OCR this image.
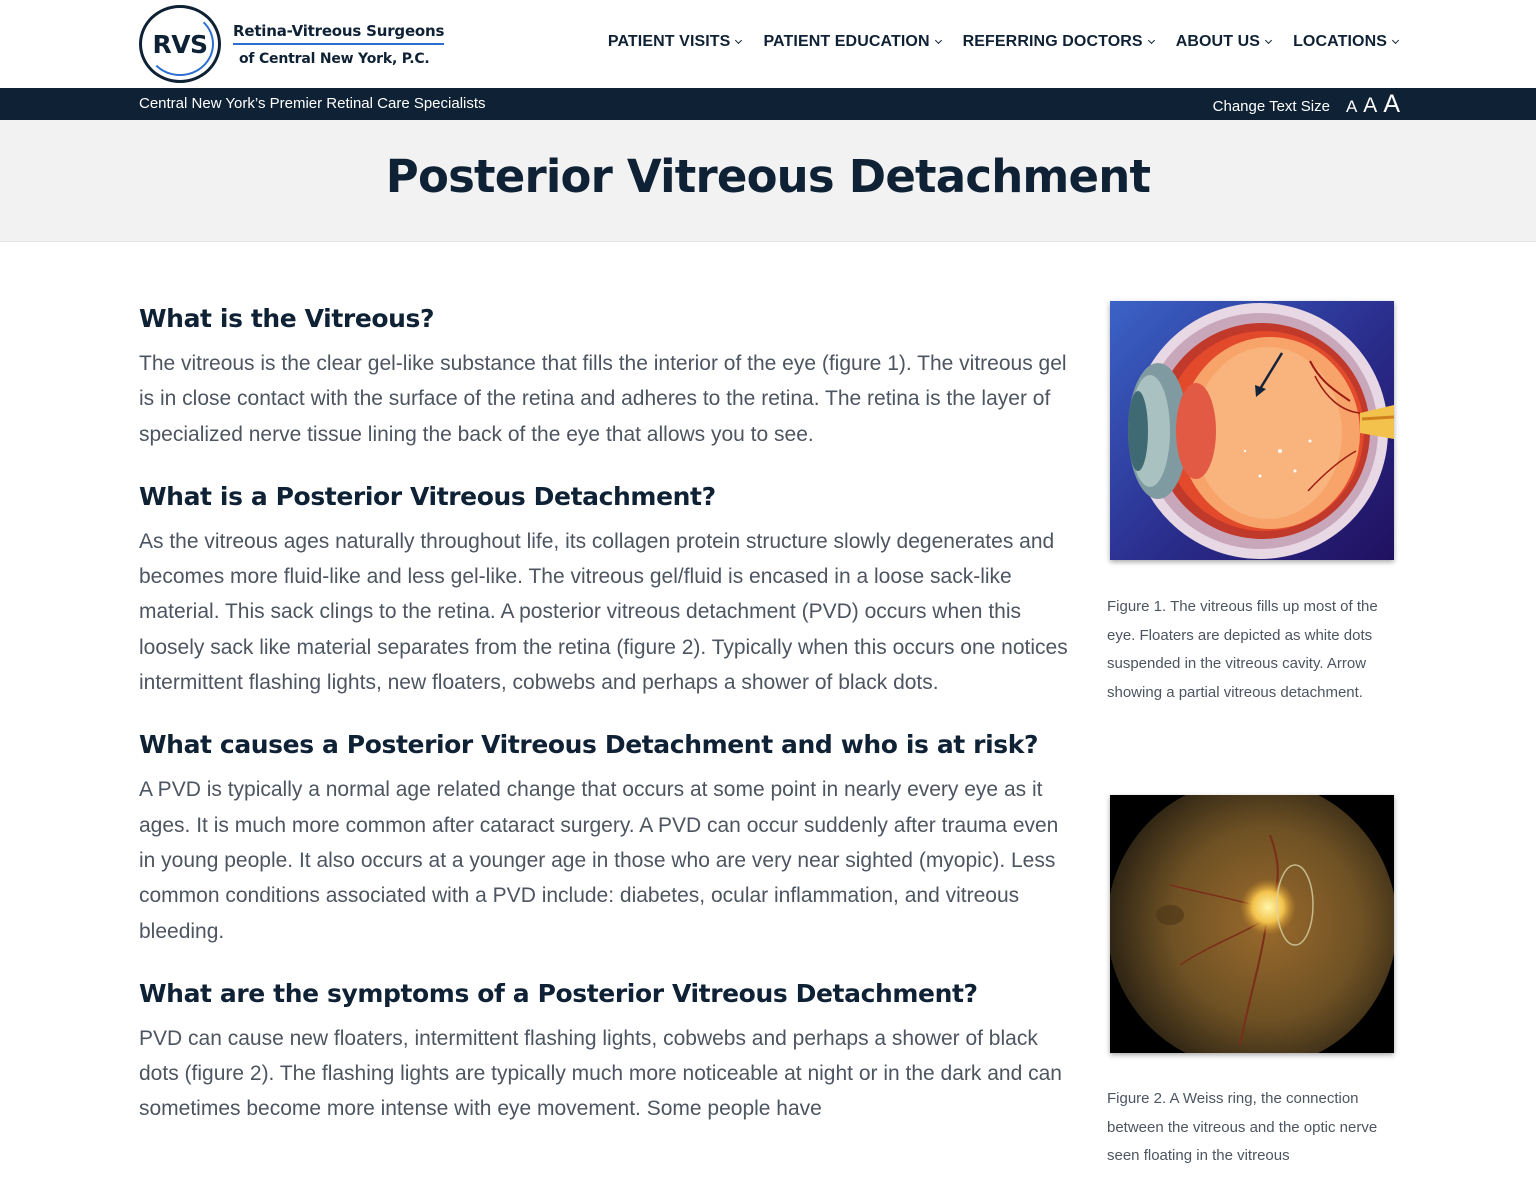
RVS Retina-Vitreous Surgeons
of Central New York, P.C.
PATIENT VISITS PATIENT EDUCATION REFERRING DOCTORS ABOUT US LOCATIONS
Central New York’s Premier Retinal Care Specialists	Change Text Size A A A
Posterior Vitreous Detachment
What is the Vitreous?

The vitreous is the clear gel-like substance that fills the interior of the eye (figure 1). The vitreous gel is in close contact with the surface of the retina and adheres to the retina. The retina is the layer of specialized nerve tissue lining the back of the eye that allows you to see.

What is a Posterior Vitreous Detachment?

As the vitreous ages naturally throughout life, its collagen protein structure slowly degenerates and becomes more fluid-like and less gel-like. The vitreous gel/fluid is encased in a loose sack-like material. This sack clings to the retina. A posterior vitreous detachment (PVD) occurs when this loosely sack like material separates from the retina (figure 2). Typically when this occurs one notices intermittent flashing lights, new floaters, cobwebs and perhaps a shower of black dots.

What causes a Posterior Vitreous Detachment and who is at risk?

A PVD is typically a normal age related change that occurs at some point in nearly every eye as it ages. It is much more common after cataract surgery. A PVD can occur suddenly after trauma even in young people. It also occurs at a younger age in those who are very near sighted (myopic). Less common conditions associated with a PVD include: diabetes, ocular inflammation, and vitreous bleeding.

What are the symptoms of a Posterior Vitreous Detachment?

PVD can cause new floaters, intermittent flashing lights, cobwebs and perhaps a shower of black dots (figure 2). The flashing lights are typically much more noticeable at night or in the dark and can sometimes become more intense with eye movement. Some people have

Figure 1. The vitreous fills up most of the eye. Floaters are depicted as white dots suspended in the vitreous cavity. Arrow showing a partial vitreous detachment.

Figure 2. A Weiss ring, the connection between the vitreous and the optic nerve seen floating in the vitreous
